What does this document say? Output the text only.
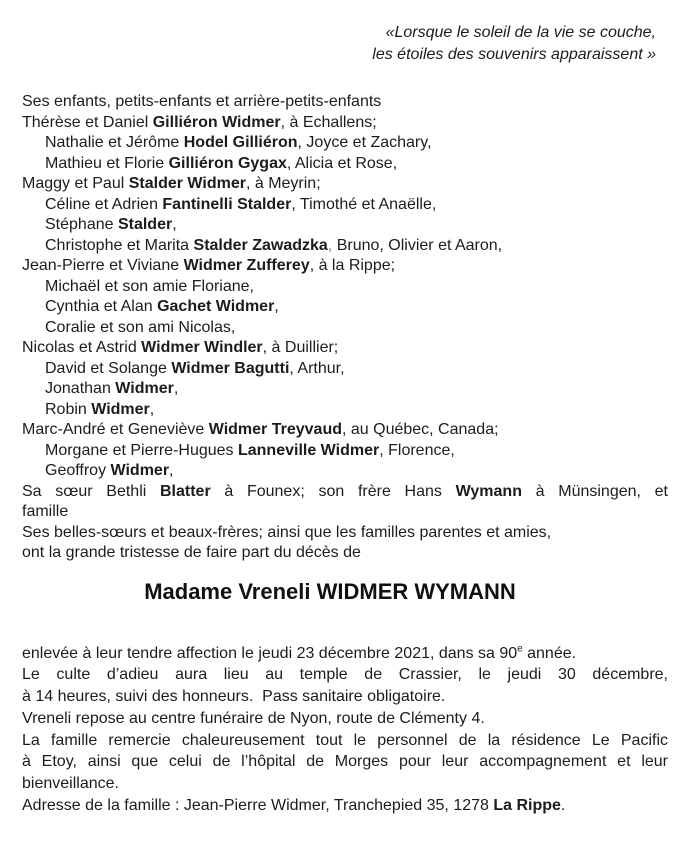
«Lorsque le soleil de la vie se couche,
les étoiles des souvenirs apparaissent »
Ses enfants, petits-enfants et arrière-petits-enfants
Thérèse et Daniel Gilliéron Widmer, à Echallens;
Nathalie et Jérôme Hodel Gilliéron, Joyce et Zachary,
Mathieu et Florie Gilliéron Gygax, Alicia et Rose,
Maggy et Paul Stalder Widmer, à Meyrin;
Céline et Adrien Fantinelli Stalder, Timothé et Anaëlle,
Stéphane Stalder,
Christophe et Marita Stalder Zawadzka, Bruno, Olivier et Aaron,
Jean-Pierre et Viviane Widmer Zufferey, à la Rippe;
Michaël et son amie Floriane,
Cynthia et Alan Gachet Widmer,
Coralie et son ami Nicolas,
Nicolas et Astrid Widmer Windler, à Duillier;
David et Solange Widmer Bagutti, Arthur,
Jonathan Widmer,
Robin Widmer,
Marc-André et Geneviève Widmer Treyvaud, au Québec, Canada;
Morgane et Pierre-Hugues Lanneville Widmer, Florence,
Geoffroy Widmer,
Sa sœur Bethli Blatter à Founex; son frère Hans Wymann à Münsingen, et
famille
Ses belles-sœurs et beaux-frères; ainsi que les familles parentes et amies,
ont la grande tristesse de faire part du décès de
Madame Vreneli WIDMER WYMANN
enlevée à leur tendre affection le jeudi 23 décembre 2021, dans sa 90e année.
Le culte d’adieu aura lieu au temple de Crassier, le jeudi 30 décembre,
à 14 heures, suivi des honneurs.  Pass sanitaire obligatoire.
Vreneli repose au centre funéraire de Nyon, route de Clémenty 4.
La famille remercie chaleureusement tout le personnel de la résidence Le Pacific
à Etoy, ainsi que celui de l’hôpital de Morges pour leur accompagnement et leur
bienveillance.
Adresse de la famille : Jean-Pierre Widmer, Tranchepied 35, 1278 La Rippe.
